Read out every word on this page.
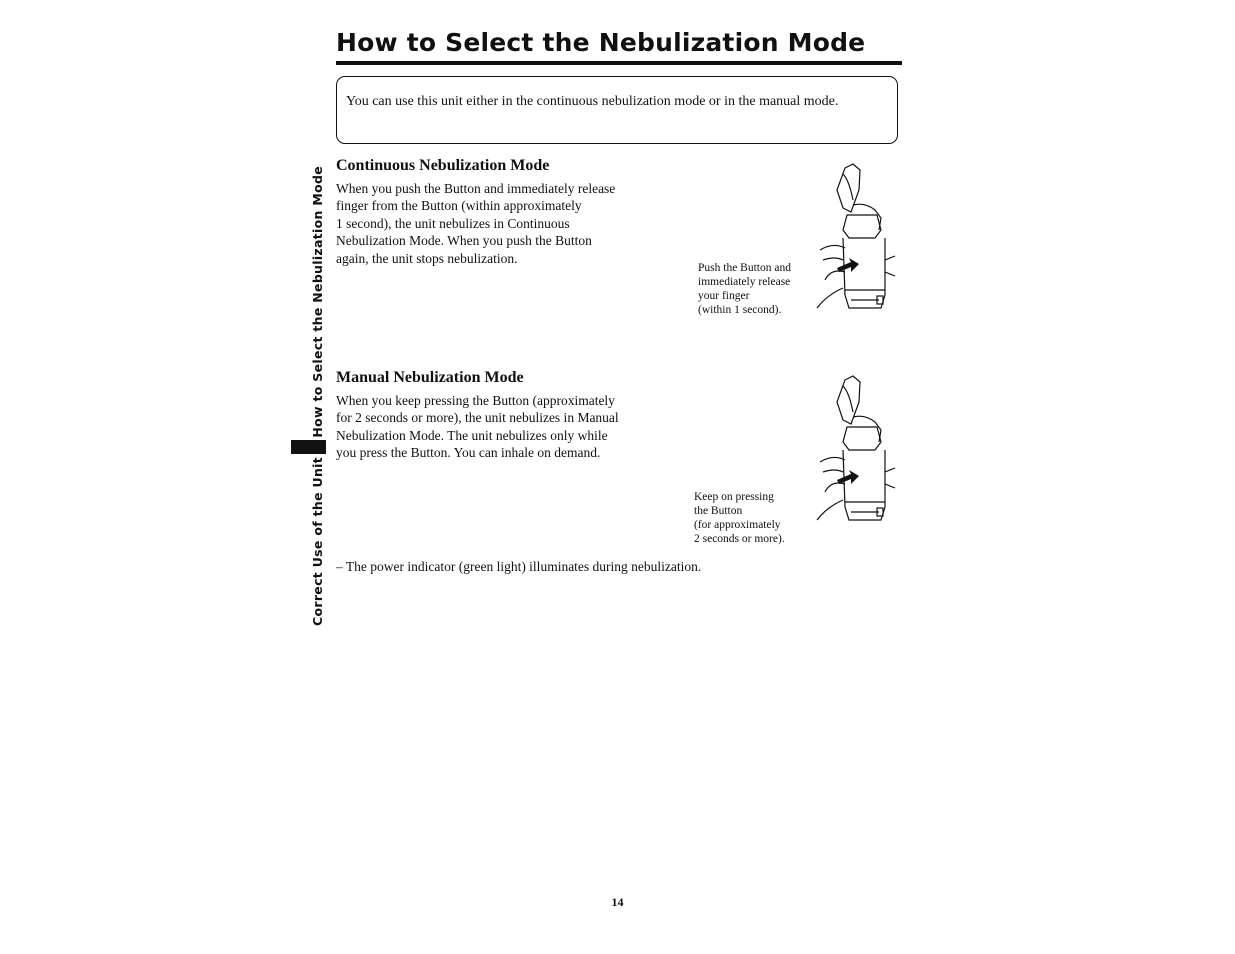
How to Select the Nebulization Mode
You can use this unit either in the continuous nebulization mode or in the manual mode.
Correct Use of the Unit  How to Select the Nebulization Mode
Continuous Nebulization Mode

When you push the Button and immediately release
finger from the Button (within approximately
1 second), the unit nebulizes in Continuous
Nebulization Mode. When you push the Button
again, the unit stops nebulization.

Push the Button and
immediately release
your finger
(within 1 second).

Manual Nebulization Mode

When you keep pressing the Button (approximately
for 2 seconds or more), the unit nebulizes in Manual
Nebulization Mode. The unit nebulizes only while
you press the Button. You can inhale on demand.

Keep on pressing
the Button
(for approximately
2 seconds or more).

– The power indicator (green light) illuminates during nebulization.
14
